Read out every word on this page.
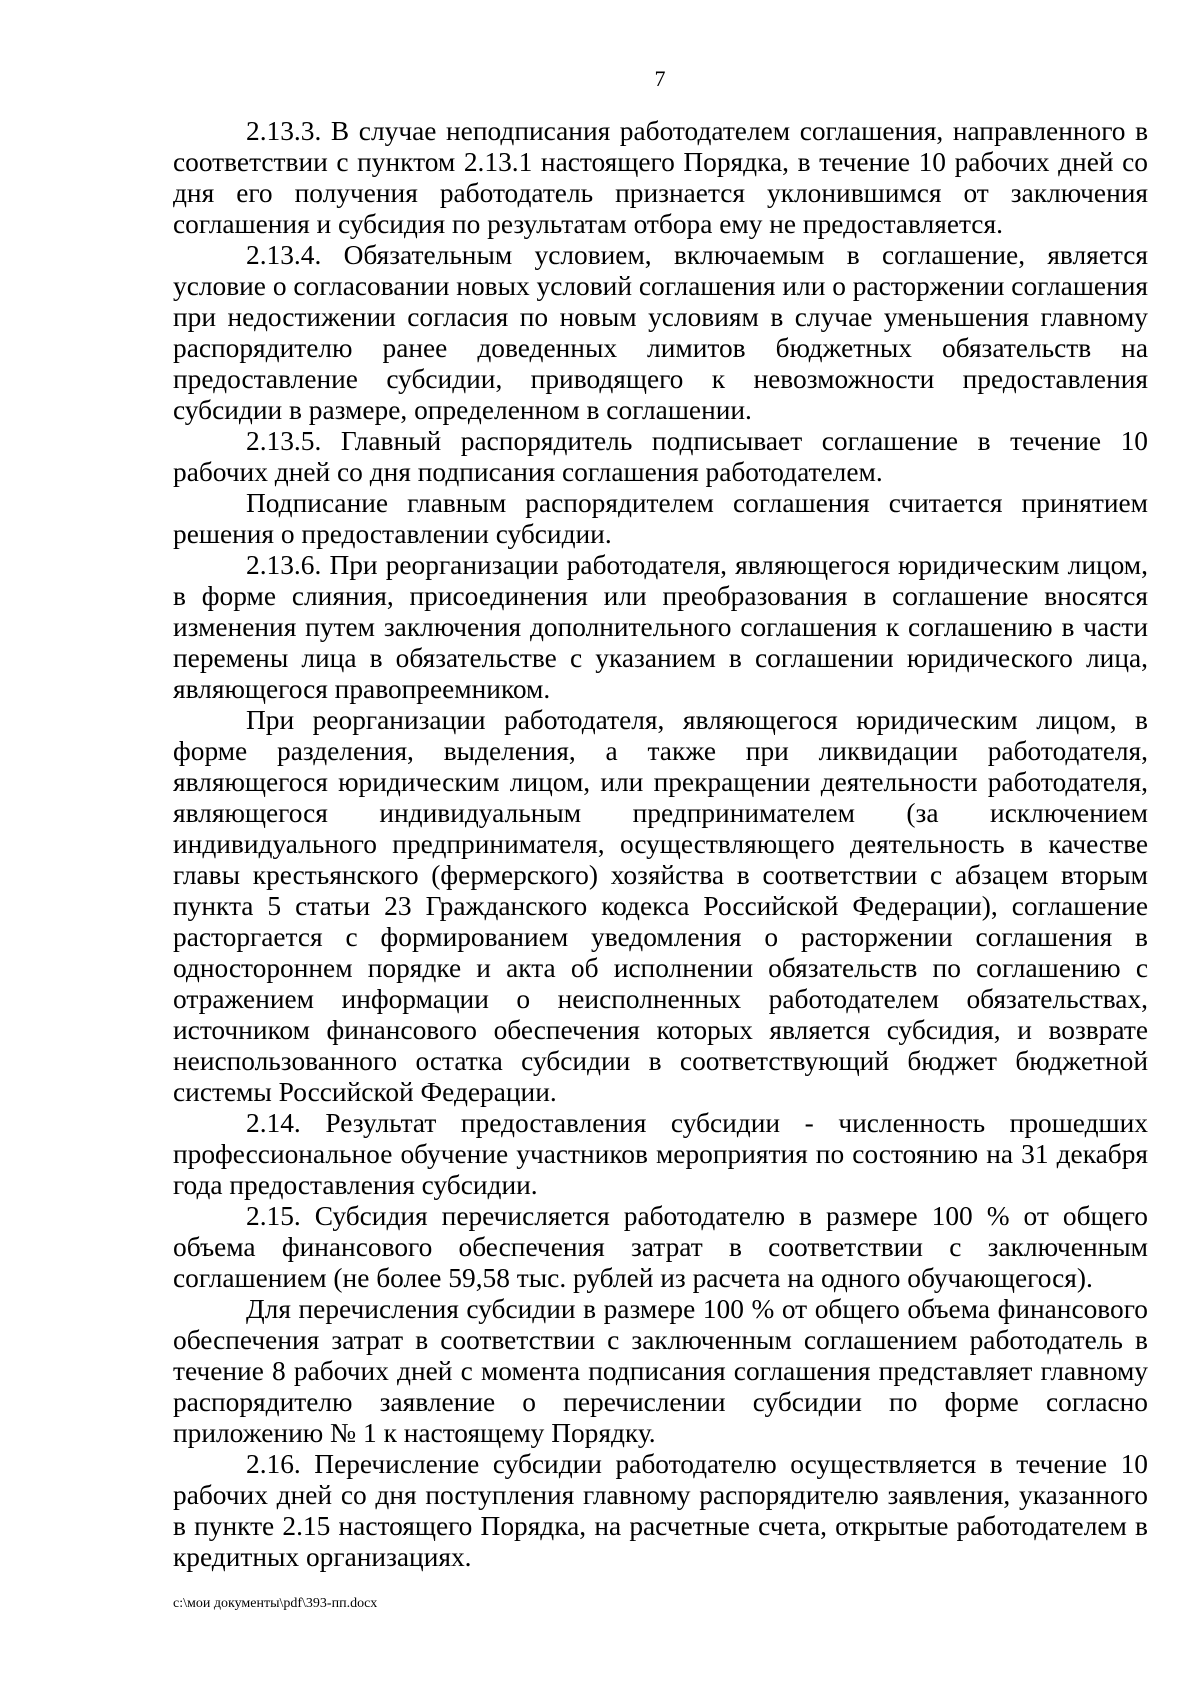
7

2.13.3. В случае неподписания работодателем соглашения, направленного в соответствии с пунктом 2.13.1 настоящего Порядка, в течение 10 рабочих дней со дня его получения работодатель признается уклонившимся от заключения соглашения и субсидия по результатам отбора ему не предоставляется.

2.13.4. Обязательным условием, включаемым в соглашение, является условие о согласовании новых условий соглашения или о расторжении соглашения при недостижении согласия по новым условиям в случае уменьшения главному распорядителю ранее доведенных лимитов бюджетных обязательств на предоставление субсидии, приводящего к невозможности предоставления субсидии в размере, определенном в соглашении.

2.13.5. Главный распорядитель подписывает соглашение в течение 10 рабочих дней со дня подписания соглашения работодателем.

Подписание главным распорядителем соглашения считается принятием решения о предоставлении субсидии.

2.13.6. При реорганизации работодателя, являющегося юридическим лицом, в форме слияния, присоединения или преобразования в соглашение вносятся изменения путем заключения дополнительного соглашения к соглашению в части перемены лица в обязательстве с указанием в соглашении юридического лица, являющегося правопреемником.

При реорганизации работодателя, являющегося юридическим лицом, в форме разделения, выделения, а также при ликвидации работодателя, являющегося юридическим лицом, или прекращении деятельности работодателя, являющегося индивидуальным предпринимателем (за исключением индивидуального предпринимателя, осуществляющего деятельность в качестве главы крестьянского (фермерского) хозяйства в соответствии с абзацем вторым пункта 5 статьи 23 Гражданского кодекса Российской Федерации), соглашение расторгается с формированием уведомления о расторжении соглашения в одностороннем порядке и акта об исполнении обязательств по соглашению с отражением информации о неисполненных работодателем обязательствах, источником финансового обеспечения которых является субсидия, и возврате неиспользованного остатка субсидии в соответствующий бюджет бюджетной системы Российской Федерации.

2.14. Результат предоставления субсидии - численность прошедших профессиональное обучение участников мероприятия по состоянию на 31 декабря года предоставления субсидии.

2.15. Субсидия перечисляется работодателю в размере 100 % от общего объема финансового обеспечения затрат в соответствии с заключенным соглашением (не более 59,58 тыс. рублей из расчета на одного обучающегося).

Для перечисления субсидии в размере 100 % от общего объема финансового обеспечения затрат в соответствии с заключенным соглашением работодатель в течение 8 рабочих дней с момента подписания соглашения представляет главному распорядителю заявление о перечислении субсидии по форме согласно приложению № 1 к настоящему Порядку.

2.16. Перечисление субсидии работодателю осуществляется в течение 10 рабочих дней со дня поступления главному распорядителю заявления, указанного в пункте 2.15 настоящего Порядка, на расчетные счета, открытые работодателем в кредитных организациях.

c:\мои документы\pdf\393-пп.docx
